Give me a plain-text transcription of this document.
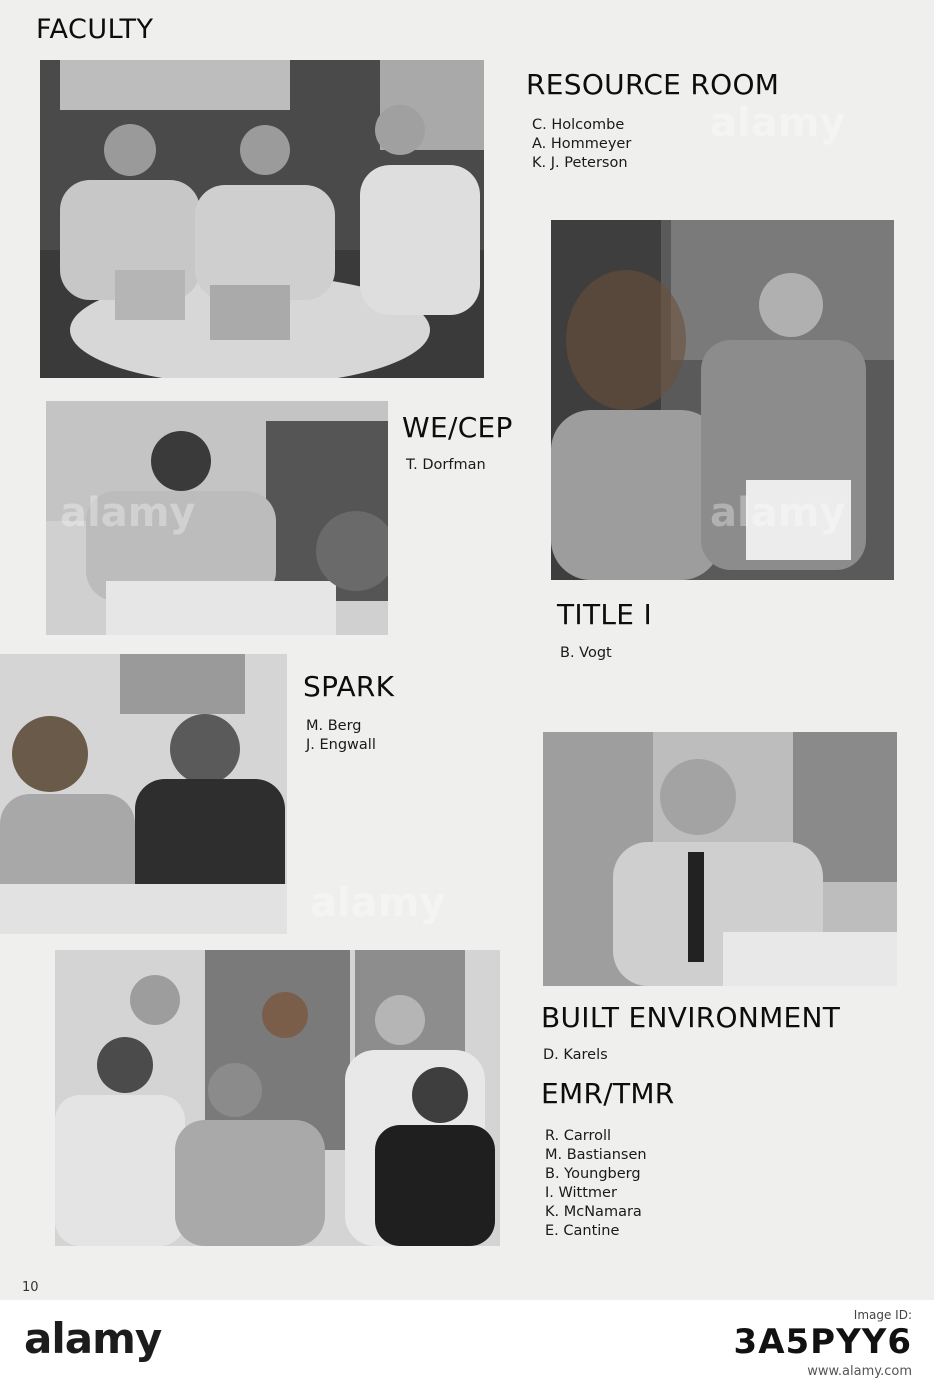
FACULTY
RESOURCE ROOM
C. Holcombe
A. Hommeyer
K. J. Peterson
WE/CEP
T. Dorfman
TITLE I
B. Vogt
SPARK
M. Berg
J. Engwall
BUILT ENVIRONMENT
D. Karels
EMR/TMR
R. Carroll
M. Bastiansen
B. Youngberg
I. Wittmer
K. McNamara
E. Cantine
10
alamy
alamy	alamy
alamy
alamy	Image ID:
3A5PYY6
www.alamy.com
